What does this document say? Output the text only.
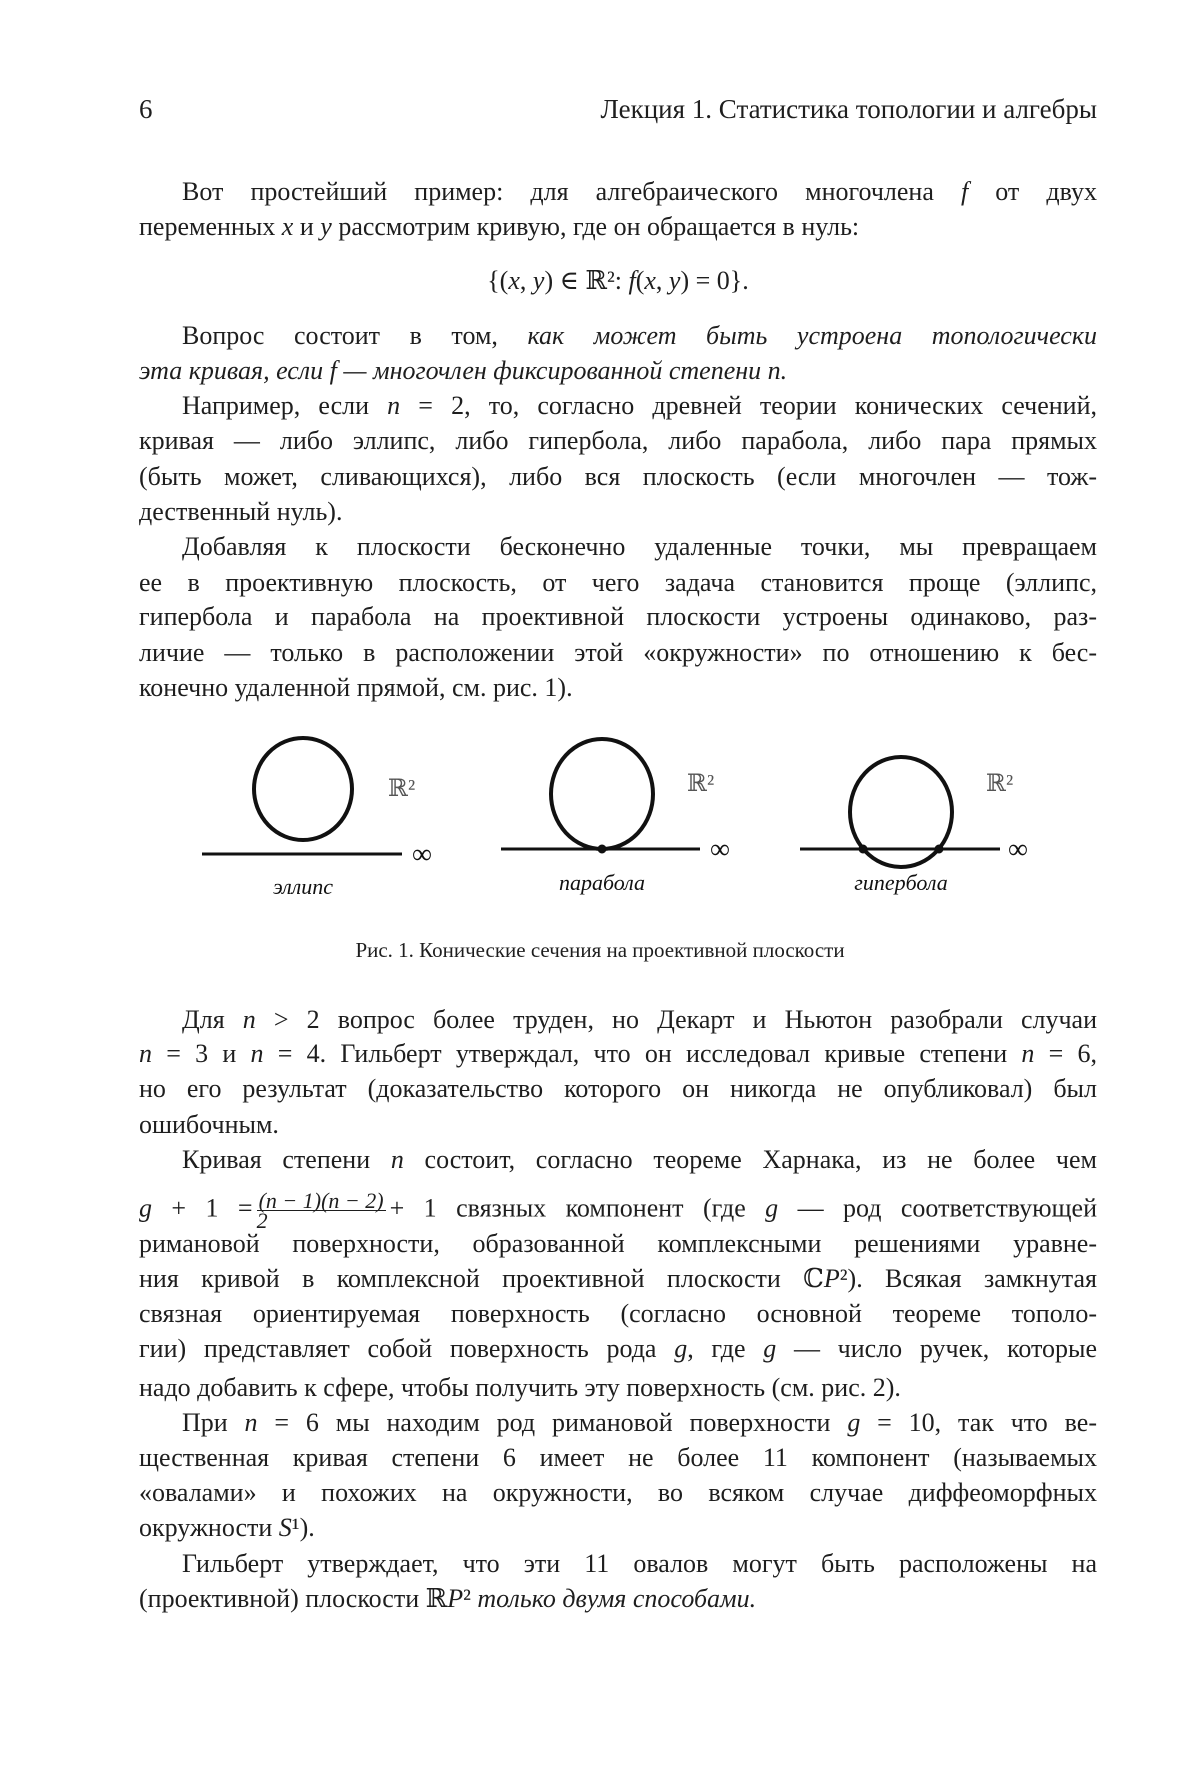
6	Лекция 1. Статистика топологии и алгебры
Вот простейший пример: для алгебраического многочлена f от двух
переменных x и y рассмотрим кривую, где он обращается в нуль:
{(x, y) ∈ ℝ²: f(x, y) = 0}.
Вопрос состоит в том, как может быть устроена топологически
эта кривая, если f — многочлен фиксированной степени n.
Например, если n = 2, то, согласно древней теории конических сечений,
кривая — либо эллипс, либо гипербола, либо парабола, либо пара прямых
(быть может, сливающихся), либо вся плоскость (если многочлен — тож-
дественный нуль).
Добавляя к плоскости бесконечно удаленные точки, мы превращаем
ее в проективную плоскость, от чего задача становится проще (эллипс,
гипербола и парабола на проективной плоскости устроены одинаково, раз-
личие — только в расположении этой «окружности» по отношению к бес-
конечно удаленной прямой, см. рис. 1).
Для n > 2 вопрос более труден, но Декарт и Ньютон разобрали случаи
n = 3 и n = 4. Гильберт утверждал, что он исследовал кривые степени n = 6,
но его результат (доказательство которого он никогда не опубликовал) был
ошибочным.
Кривая степени n состоит, согласно теореме Харнака, из не более чем
g + 1 = (n − 1)(n − 2)
2	+ 1 связных компонент (где g — род соответствующей
римановой поверхности, образованной комплексными решениями уравне-
ния кривой в комплексной проективной плоскости ℂP²). Всякая замкнутая
связная ориентируемая поверхность (согласно основной теореме тополо-
гии) представляет собой поверхность рода g, где g — число ручек, которые
надо добавить к сфере, чтобы получить эту поверхность (см. рис. 2).
При n = 6 мы находим род римановой поверхности g = 10, так что ве-
щественная кривая степени 6 имеет не более 11 компонент (называемых
«овалами» и похожих на окружности, во всяком случае диффеоморфных
окружности S¹).
Гильберт утверждает, что эти 11 овалов могут быть расположены на
(проективной) плоскости ℝP² только двумя способами.
ℝ²
∞
эллипс
ℝ²
∞
парабола
ℝ²
∞
гипербола
Рис. 1. Конические сечения на проективной плоскости
